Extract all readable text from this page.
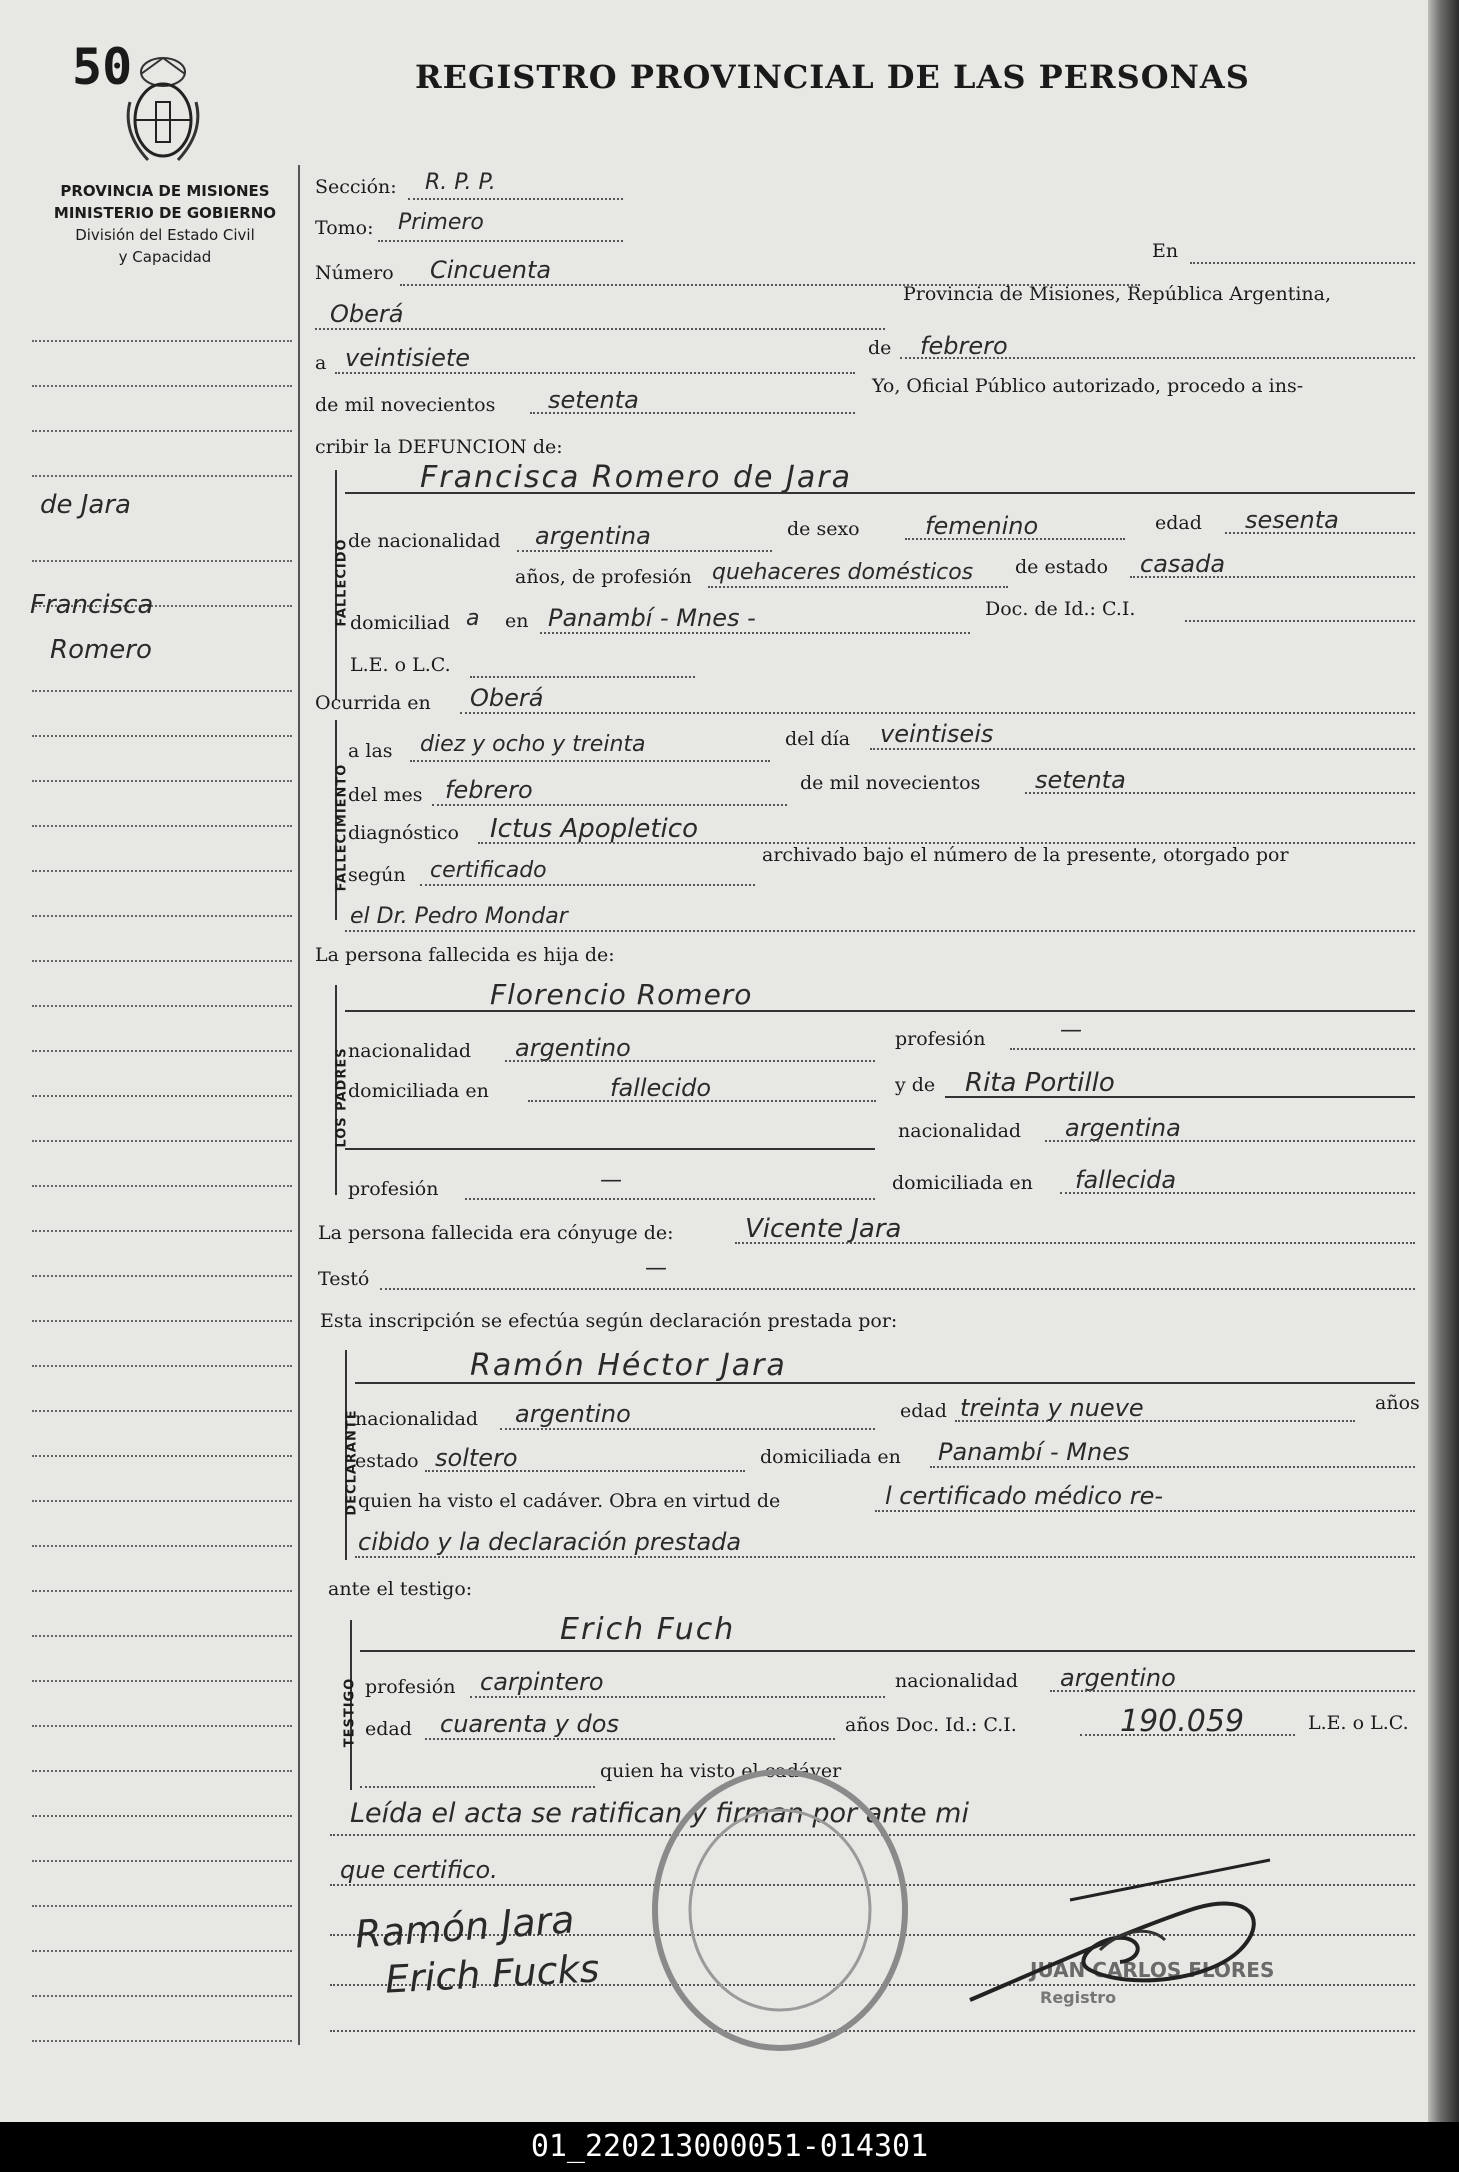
50	REGISTRO PROVINCIAL DE LAS PERSONAS
PROVINCIA DE MISIONES
MINISTERIO DE GOBIERNO
División del Estado Civil
y Capacidad
de Jara
Francisca
Romero
Sección: R. P. P.
Tomo: Primero
Número Cincuenta
En
Oberá
Provincia de Misiones, República Argentina,
a veintisiete	de febrero
de mil novecientos setenta	Yo, Oficial Público autorizado, procedo a ins-
cribir la DEFUNCION de:
FALLECIDO
Francisca Romero de Jara
de nacionalidad argentina	de sexo	femenino	edad sesenta
años, de profesión quehaceres domésticos de estado casada
domiciliad a en Panambí - Mnes -	Doc. de Id.: C.I.
L.E. o L.C.
Ocurrida en Oberá
FALLECIMIENTO
a las diez y ocho y treinta	del día veintiseis
del mes febrero	de mil novecientos setenta
diagnóstico Ictus Apopletico
según certificado
archivado bajo el número de la presente, otorgado por
el Dr. Pedro Mondar
La persona fallecida es hija de:
LOS PADRES
Florencio Romero
nacionalidad argentino	profesión	—
domiciliada en	fallecido	y de Rita Portillo
nacionalidad argentina
profesión	—	domiciliada en fallecida
La persona fallecida era cónyuge de:	Vicente Jara
Testó	—
Esta inscripción se efectúa según declaración prestada por:
DECLARANTE
Ramón Héctor Jara
nacionalidad argentino	edad treinta y nueve	años
estado soltero	domiciliada en Panambí - Mnes
quien ha visto el cadáver. Obra en virtud de	l certificado médico re-
cibido y la declaración prestada
ante el testigo:
TESTIGO
Erich Fuch
profesión carpintero	nacionalidad argentino
edad cuarenta y dos	años Doc. Id.: C.I.	190.059	L.E. o L.C.
quien ha visto el cadáver
Leída el acta se ratifican y firman por ante mi
que certifico.
JUAN CARLOS FLORES
Registro
Ramón Jara
Erich Fucks
01_220213000051-014301
